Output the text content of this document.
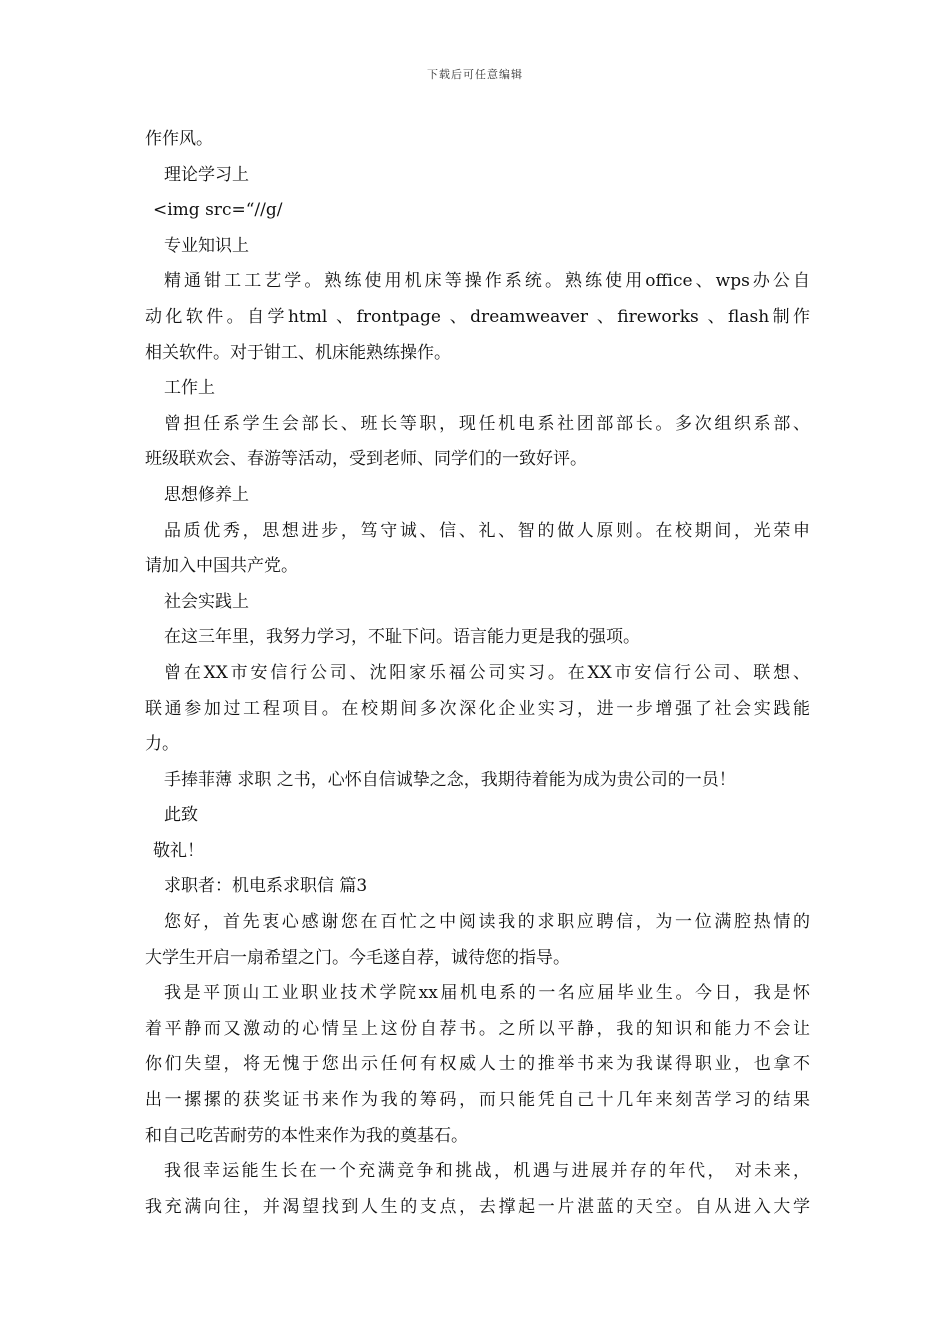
下载后可任意编辑
作作风。
理论学习上
<img src=“//g/
专业知识上
精通钳工工艺学。熟练使用机床等操作系统。熟练使用office、wps办公自
动化软件。自学html 、frontpage 、dreamweaver 、fireworks 、flash制作
相关软件。对于钳工、机床能熟练操作。
工作上
曾担任系学生会部长、班长等职，现任机电系社团部部长。多次组织系部、
班级联欢会、春游等活动，受到老师、同学们的一致好评。
思想修养上
品质优秀，思想进步，笃守诚、信、礼、智的做人原则。在校期间，光荣申
请加入中国共产党。
社会实践上
在这三年里，我努力学习，不耻下问。语言能力更是我的强项。
曾在XX市安信行公司、沈阳家乐福公司实习。在XX市安信行公司、联想、
联通参加过工程项目。在校期间多次深化企业实习，进一步增强了社会实践能
力。
手捧菲薄 求职 之书，心怀自信诚挚之念，我期待着能为成为贵公司的一员！
此致
敬礼！
求职者：机电系求职信 篇3
您好，首先衷心感谢您在百忙之中阅读我的求职应聘信，为一位满腔热情的
大学生开启一扇希望之门。今毛遂自荐，诚待您的指导。
我是平顶山工业职业技术学院xx届机电系的一名应届毕业生。今日，我是怀
着平静而又激动的心情呈上这份自荐书。之所以平静，我的知识和能力不会让
你们失望，将无愧于您出示任何有权威人士的推举书来为我谋得职业，也拿不
出一摞摞的获奖证书来作为我的筹码，而只能凭自己十几年来刻苦学习的结果
和自己吃苦耐劳的本性来作为我的奠基石。
我很幸运能生长在一个充满竞争和挑战，机遇与进展并存的年代， 对未来，
我充满向往，并渴望找到人生的支点，去撑起一片湛蓝的天空。自从进入大学
